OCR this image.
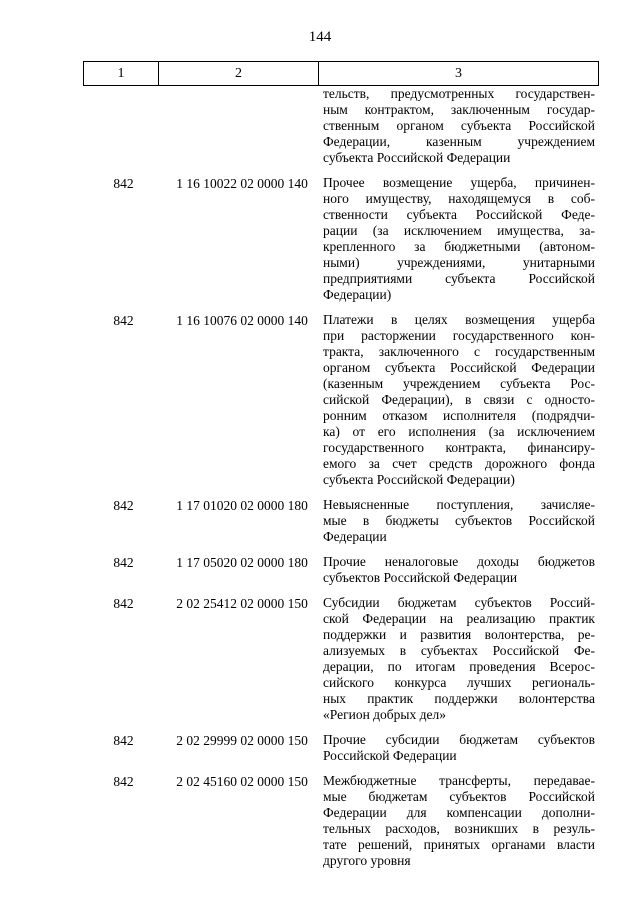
144
1	2	3
тельств, предусмотренных государствен-
ным контрактом, заключенным государ-
ственным органом субъекта Российской
Федерации, казенным учреждением
субъекта Российской Федерации
842	1 16 10022 02 0000 140	Прочее возмещение ущерба, причинен-
ного имуществу, находящемуся в соб-
ственности субъекта Российской Феде-
рации (за исключением имущества, за-
крепленного за бюджетными (автоном-
ными) учреждениями, унитарными
предприятиями субъекта Российской
Федерации)
842	1 16 10076 02 0000 140	Платежи в целях возмещения ущерба
при расторжении государственного кон-
тракта, заключенного с государственным
органом субъекта Российской Федерации
(казенным учреждением субъекта Рос-
сийской Федерации), в связи с односто-
ронним отказом исполнителя (подрядчи-
ка) от его исполнения (за исключением
государственного контракта, финансиру-
емого за счет средств дорожного фонда
субъекта Российской Федерации)
842	1 17 01020 02 0000 180	Невыясненные поступления, зачисляе-
мые в бюджеты субъектов Российской
Федерации
842	1 17 05020 02 0000 180	Прочие неналоговые доходы бюджетов
субъектов Российской Федерации
842	2 02 25412 02 0000 150	Субсидии бюджетам субъектов Россий-
ской Федерации на реализацию практик
поддержки и развития волонтерства, ре-
ализуемых в субъектах Российской Фе-
дерации, по итогам проведения Всерос-
сийского конкурса лучших региональ-
ных практик поддержки волонтерства
«Регион добрых дел»
842	2 02 29999 02 0000 150	Прочие субсидии бюджетам субъектов
Российской Федерации
842	2 02 45160 02 0000 150	Межбюджетные трансферты, передавае-
мые бюджетам субъектов Российской
Федерации для компенсации дополни-
тельных расходов, возникших в резуль-
тате решений, принятых органами власти
другого уровня
